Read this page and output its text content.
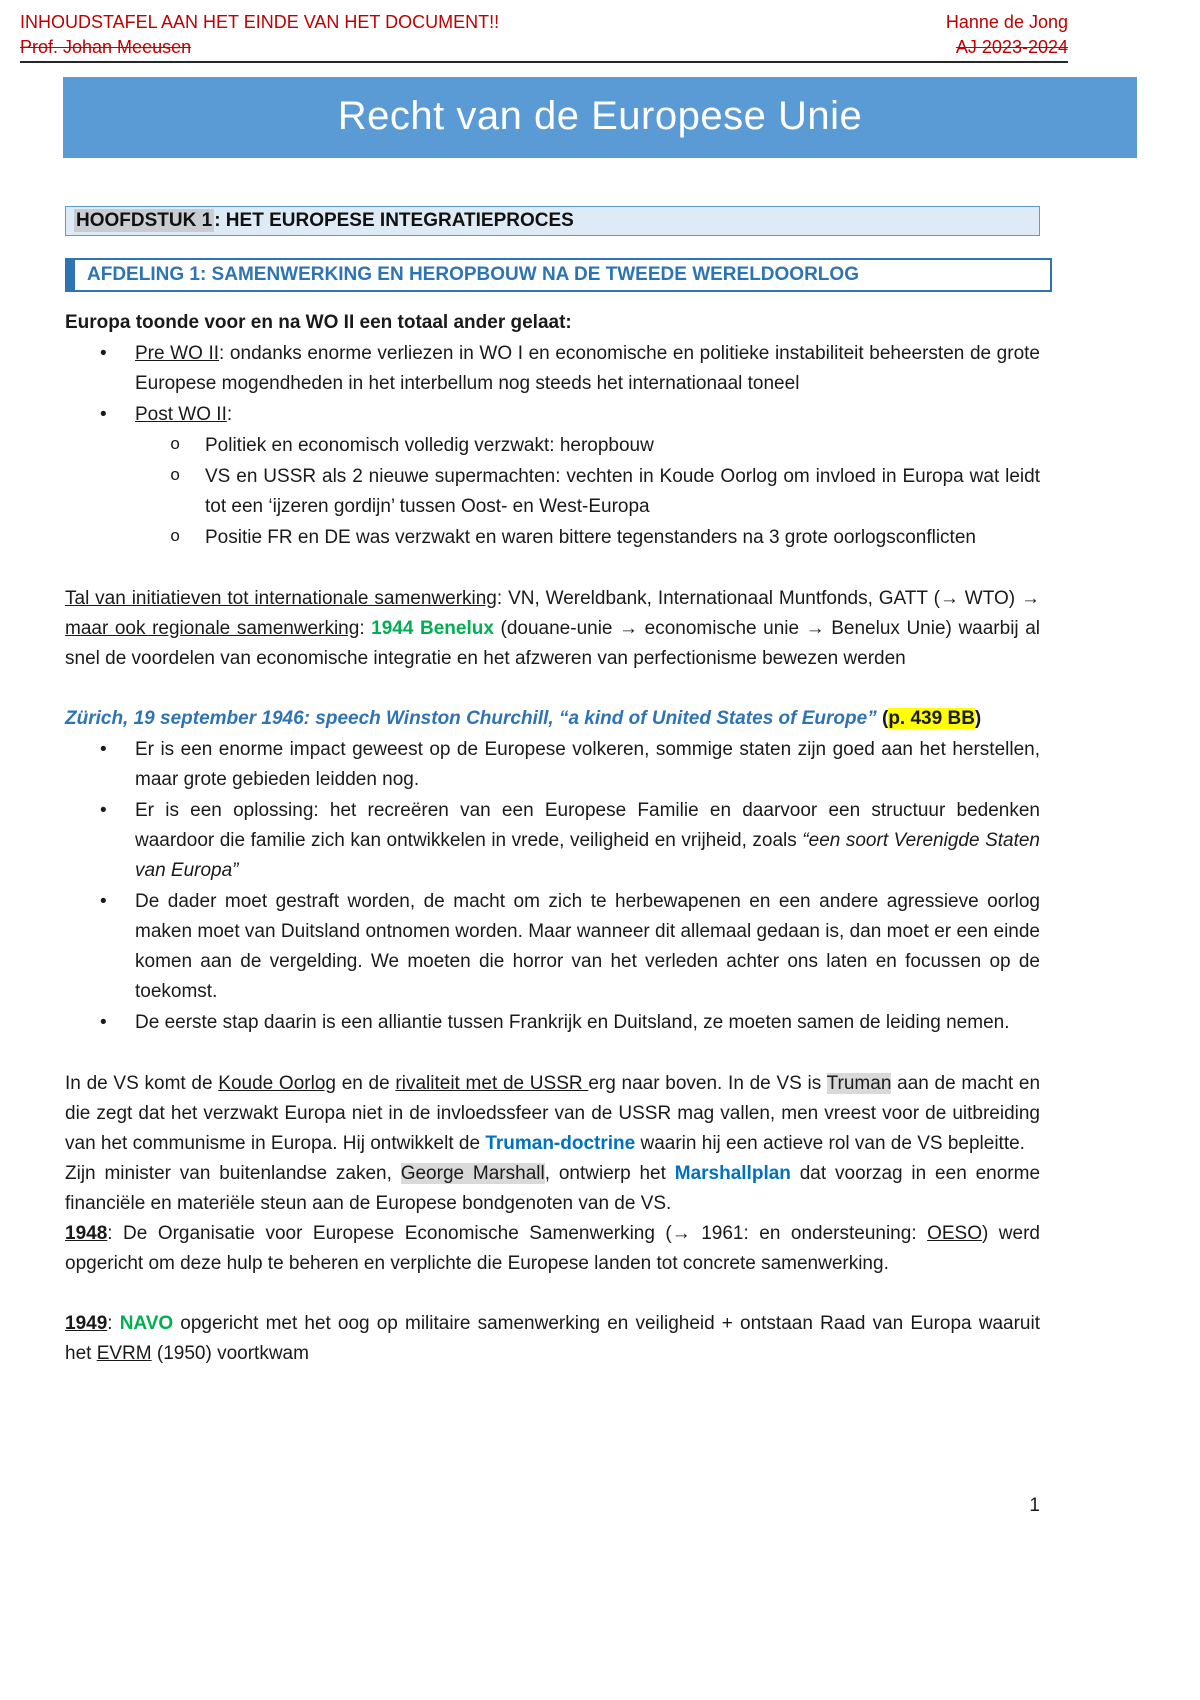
INHOUDSTAFEL AAN HET EINDE VAN HET DOCUMENT!!	Hanne de Jong
Prof. Johan Meeusen	AJ 2023-2024
Recht van de Europese Unie
HOOFDSTUK 1 : HET EUROPESE INTEGRATIEPROCES
AFDELING 1: SAMENWERKING EN HEROPBOUW NA DE TWEEDE WERELDOORLOG
Europa toonde voor en na WO II een totaal ander gelaat:
• Pre WO II: ondanks enorme verliezen in WO I en economische en politieke instabiliteit beheersten de grote Europese mogendheden in het interbellum nog steeds het internationaal toneel
• Post WO II:
o Politiek en economisch volledig verzwakt: heropbouw
o VS en USSR als 2 nieuwe supermachten: vechten in Koude Oorlog om invloed in Europa wat leidt tot een ‘ijzeren gordijn’ tussen Oost- en West-Europa
o Positie FR en DE was verzwakt en waren bittere tegenstanders na 3 grote oorlogsconflicten
Tal van initiatieven tot internationale samenwerking: VN, Wereldbank, Internationaal Muntfonds, GATT (→ WTO) → maar ook regionale samenwerking: 1944 Benelux (douane-unie → economische unie → Benelux Unie) waarbij al snel de voordelen van economische integratie en het afzweren van perfectionisme bewezen werden
Zürich, 19 september 1946: speech Winston Churchill, “a kind of United States of Europe” (p. 439 BB)
• Er is een enorme impact geweest op de Europese volkeren, sommige staten zijn goed aan het herstellen, maar grote gebieden leidden nog.
• Er is een oplossing: het recreëren van een Europese Familie en daarvoor een structuur bedenken waardoor die familie zich kan ontwikkelen in vrede, veiligheid en vrijheid, zoals “een soort Verenigde Staten van Europa”
• De dader moet gestraft worden, de macht om zich te herbewapenen en een andere agressieve oorlog maken moet van Duitsland ontnomen worden. Maar wanneer dit allemaal gedaan is, dan moet er een einde komen aan de vergelding. We moeten die horror van het verleden achter ons laten en focussen op de toekomst.
• De eerste stap daarin is een alliantie tussen Frankrijk en Duitsland, ze moeten samen de leiding nemen.
In de VS komt de Koude Oorlog en de rivaliteit met de USSR erg naar boven. In de VS is Truman aan de macht en die zegt dat het verzwakt Europa niet in de invloedssfeer van de USSR mag vallen, men vreest voor de uitbreiding van het communisme in Europa. Hij ontwikkelt de Truman-doctrine waarin hij een actieve rol van de VS bepleitte.
Zijn minister van buitenlandse zaken, George Marshall, ontwierp het Marshallplan dat voorzag in een enorme financiële en materiële steun aan de Europese bondgenoten van de VS.
1948: De Organisatie voor Europese Economische Samenwerking (→ 1961: en ondersteuning: OESO) werd opgericht om deze hulp te beheren en verplichte die Europese landen tot concrete samenwerking.
1949: NAVO opgericht met het oog op militaire samenwerking en veiligheid + ontstaan Raad van Europa waaruit het EVRM (1950) voortkwam
1
